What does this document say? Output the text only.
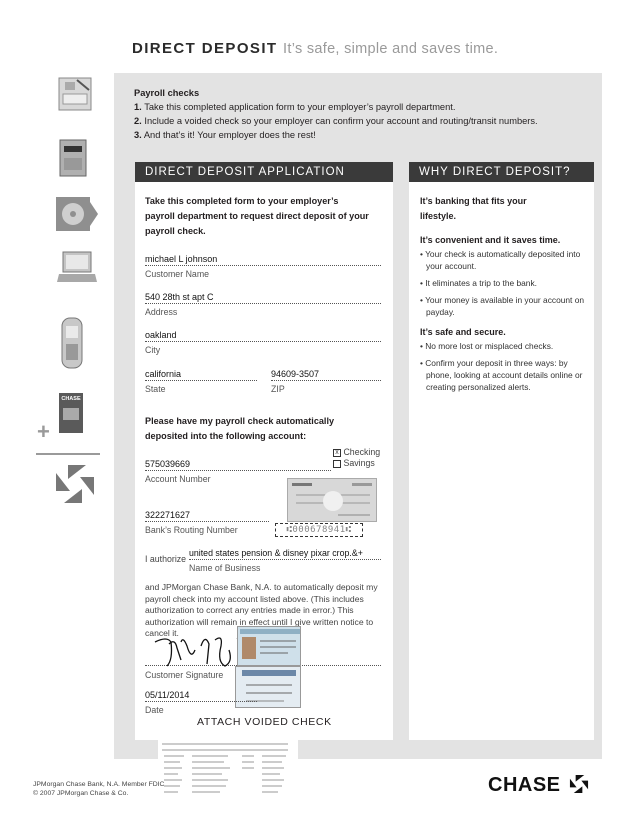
DIRECT DEPOSIT It’s safe, simple and saves time.
CHASE
+
Payroll checks
1. Take this completed application form to your employer’s payroll department.
2. Include a voided check so your employer can confirm your account and routing/transit numbers.
3. And that’s it! Your employer does the rest!
DIRECT DEPOSIT APPLICATION
Take this completed form to your employer’s payroll department to request direct deposit of your payroll check.
michael L johnson
Customer Name
540 28th st apt C
Address
oakland
City
california
State
94609-3507
ZIP
Please have my payroll check automatically deposited into the following account:
x Checking
Savings
575039669
Account Number
⑆000678941⑆
322271627
Bank’s Routing Number
I authorize
united states pension & disney pixar crop.&+
Name of Business
and JPMorgan Chase Bank, N.A. to automatically deposit my payroll check into my account listed above. (This includes authorization to correct any entries made in error.) This authorization will remain in effect until I give written notice to cancel it.
Customer Signature
05/11/2014
Date
ATTACH VOIDED CHECK
WHY DIRECT DEPOSIT?
It’s banking that fits your lifestyle.
It’s convenient and it saves time.
• Your check is automatically deposited into your account.
• It eliminates a trip to the bank.
• Your money is available in your account on payday.
It’s safe and secure.
• No more lost or misplaced checks.
• Confirm your deposit in three ways: by phone, looking at account details online or creating personalized alerts.
JPMorgan Chase Bank, N.A. Member FDIC
© 2007 JPMorgan Chase & Co.	CHASE
